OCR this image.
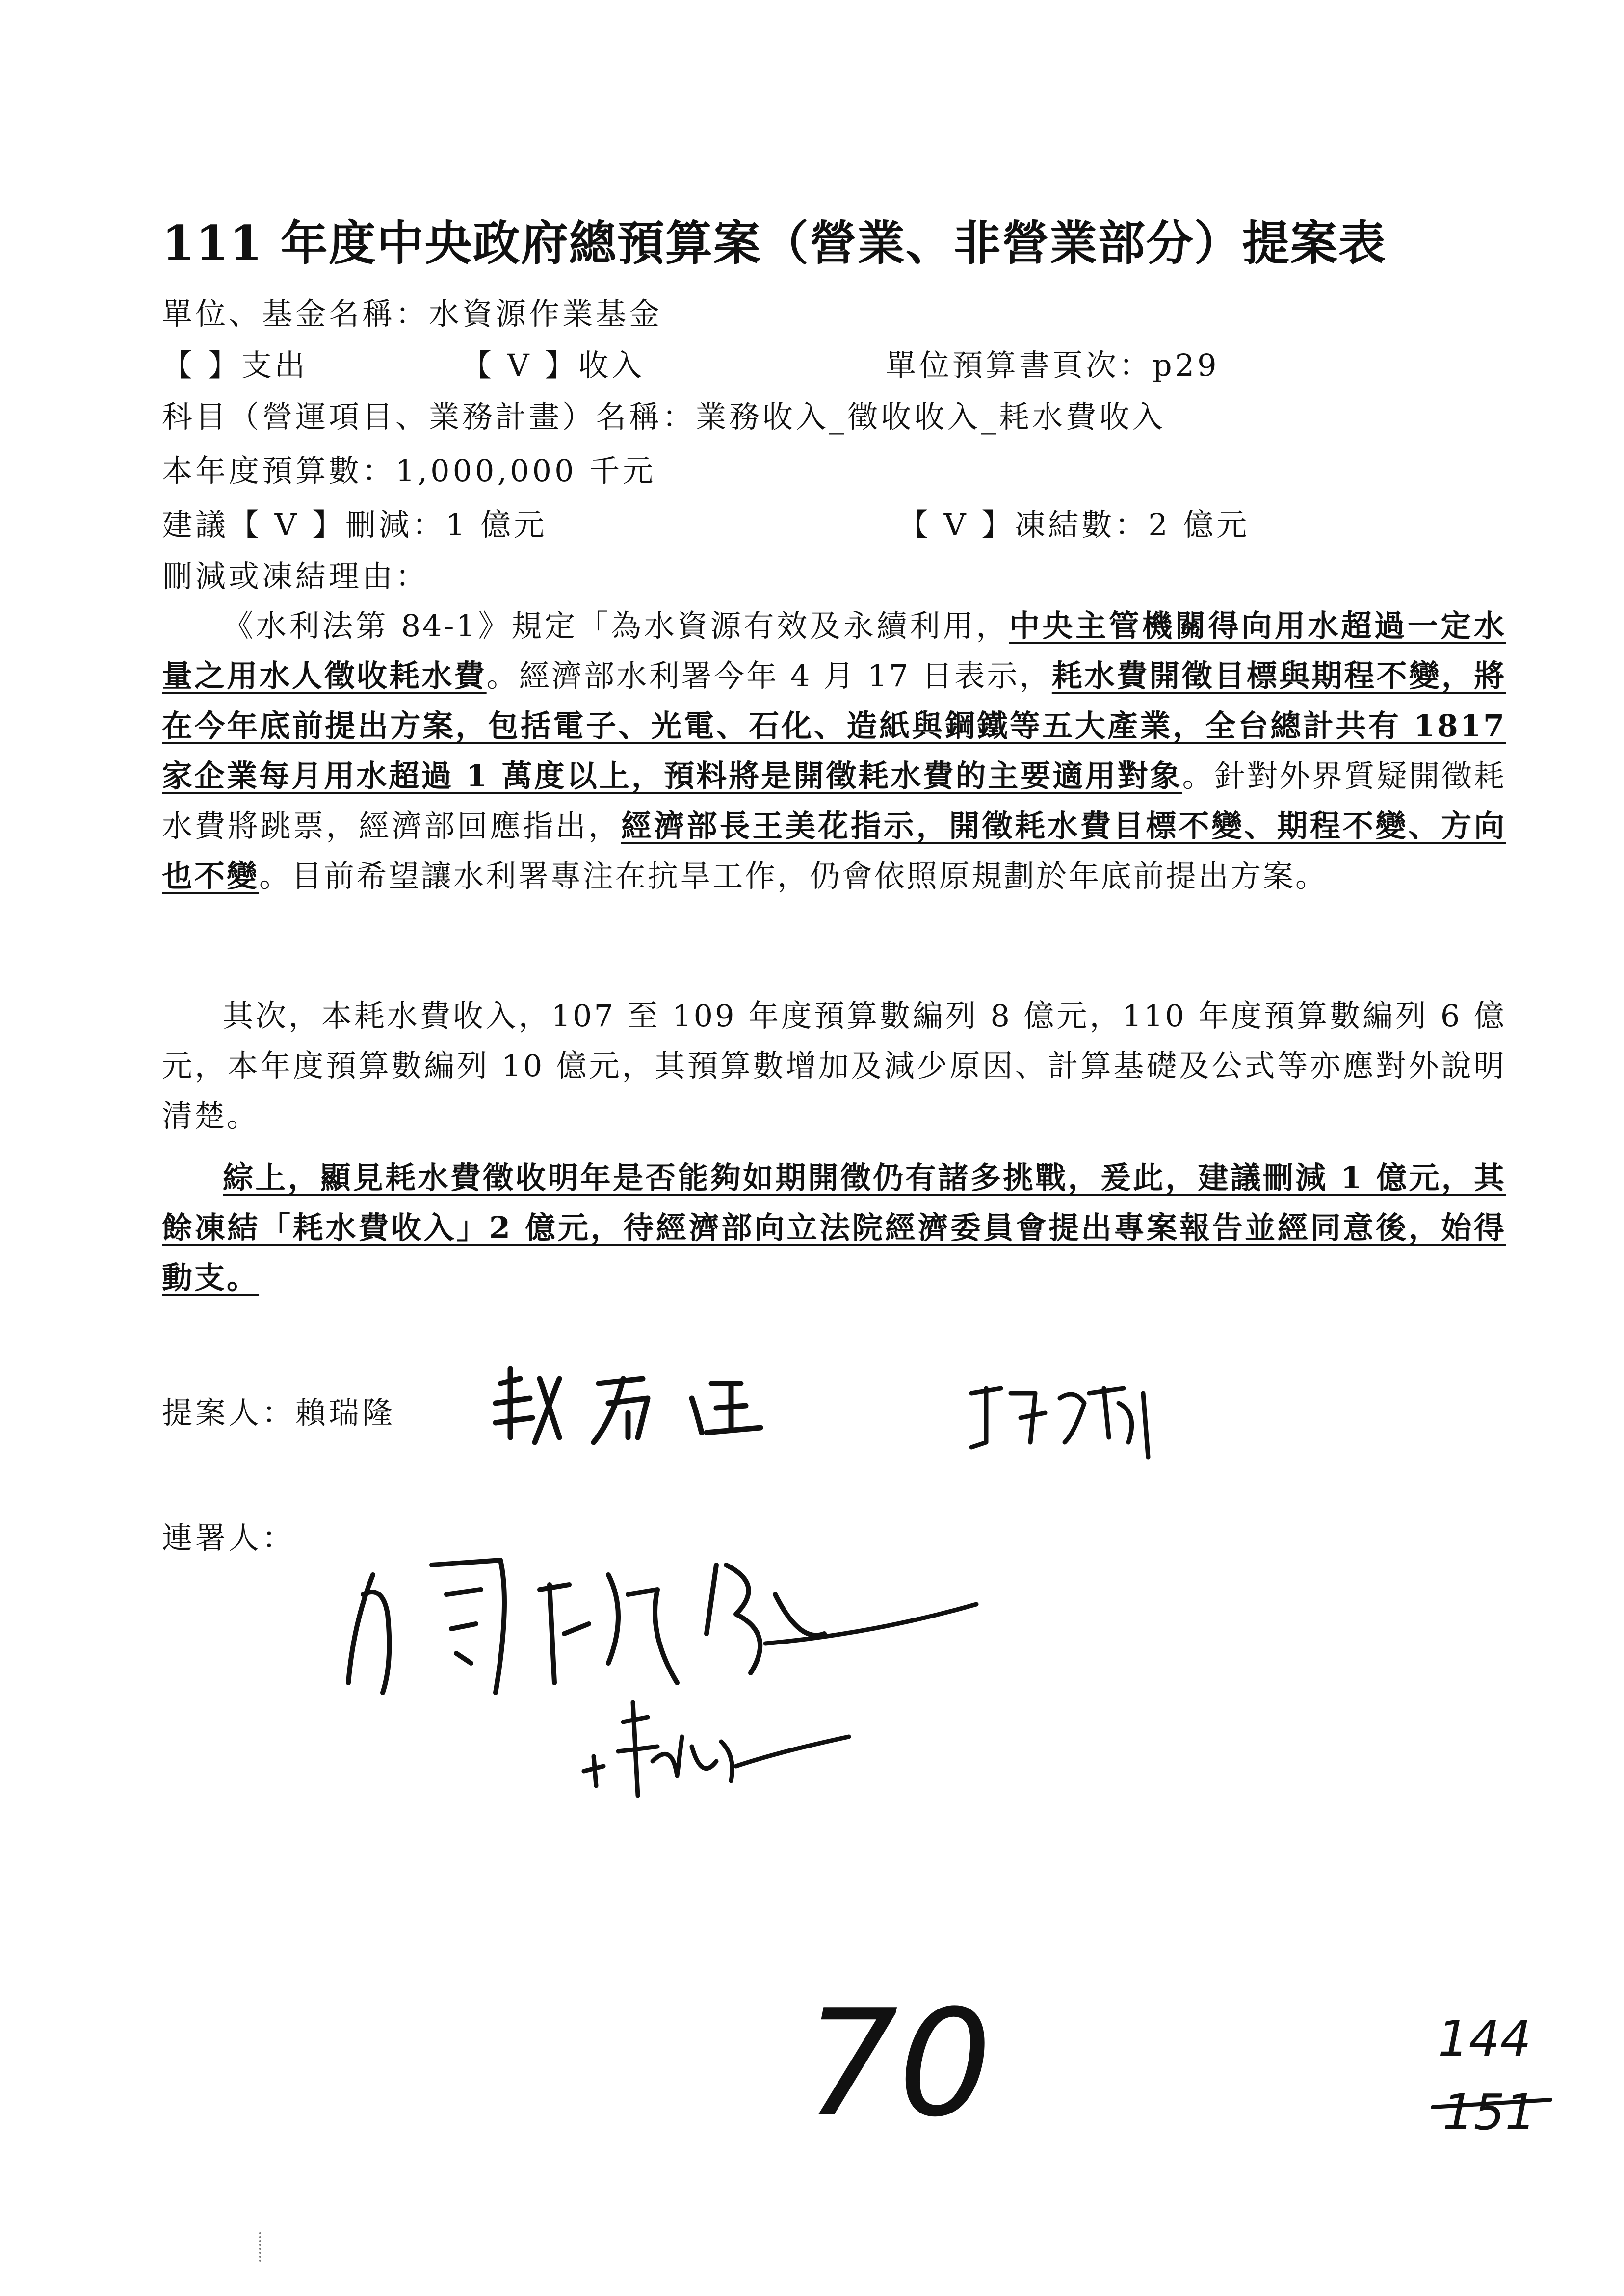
111 年度中央政府總預算案（營業、非營業部分）提案表
單位、基金名稱：水資源作業基金
【 】支出	【 V 】收入	單位預算書頁次：p29
科目（營運項目、業務計畫）名稱：業務收入_徵收收入_耗水費收入
本年度預算數：1,000,000 千元
建議【 V 】刪減：1 億元	【 V 】凍結數：2 億元
刪減或凍結理由：
《水利法第 84-1》規定「為水資源有效及永續利用，中央主管機關得向用水超過一定水量之用水人徵收耗水費。經濟部水利署今年 4 月 17 日表示，耗水費開徵目標與期程不變，將在今年底前提出方案，包括電子、光電、石化、造紙與鋼鐵等五大產業，全台總計共有 1817 家企業每月用水超過 1 萬度以上，預料將是開徵耗水費的主要適用對象。針對外界質疑開徵耗水費將跳票，經濟部回應指出，經濟部長王美花指示，開徵耗水費目標不變、期程不變、方向也不變。目前希望讓水利署專注在抗旱工作，仍會依照原規劃於年底前提出方案。
其次，本耗水費收入，107 至 109 年度預算數編列 8 億元，110 年度預算數編列 6 億元，本年度預算數編列 10 億元，其預算數增加及減少原因、計算基礎及公式等亦應對外說明清楚。
綜上，顯見耗水費徵收明年是否能夠如期開徵仍有諸多挑戰，爰此，建議刪減 1 億元，其餘凍結「耗水費收入」2 億元，待經濟部向立法院經濟委員會提出專案報告並經同意後，始得動支。
提案人：賴瑞隆
連署人：
70	144
151
